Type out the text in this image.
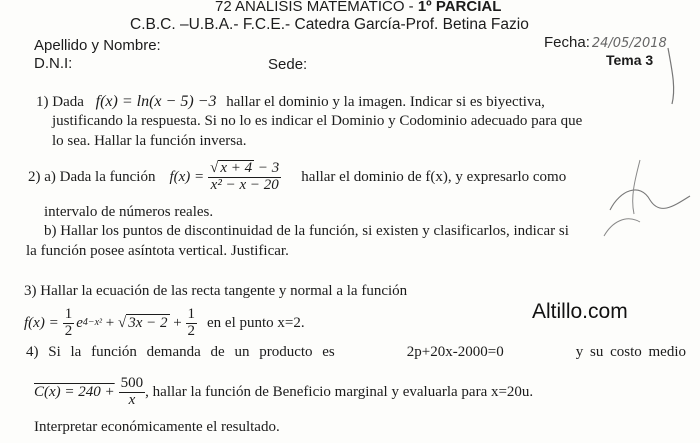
72 ANALISIS MATEMATICO - 1º PARCIAL
C.B.C. –U.B.A.- F.C.E.- Catedra García-Prof. Betina Fazio
Apellido y Nombre:	Fecha: 24/05/2018
D.N.I:	Sede:	Tema 3
1) Dada f(x) = ln(x − 5) −3 hallar el dominio y la imagen. Indicar si es biyectiva,
justificando la respuesta. Si no lo es indicar el Dominio y Codominio adecuado para que
lo sea. Hallar la función inversa.
2) a) Dada la función $f(x) = \frac{√ x + 4 - 3}{\text{x² − x − 20}}$ hallar el dominio de f(x), y expresarlo como
intervalo de números reales.
b) Hallar los puntos de discontinuidad de la función, si existen y clasificarlos, indicar si
la función posee asíntota vertical. Justificar.
3) Hallar la ecuación de las recta tangente y normal a la función
$f(x) = \frac{1}{2}$ e 4−x² + √ $3x - 2 + \frac{1}{2}$ en el punto x=2.	Altillo.com
4) Si la función demanda de un producto es	2p+20x-2000=0	y su costo medio
$C(x) = 240 + \frac{500}{x}$ , hallar la función de Beneficio marginal y evaluarla para x=20u.
Interpretar económicamente el resultado.
